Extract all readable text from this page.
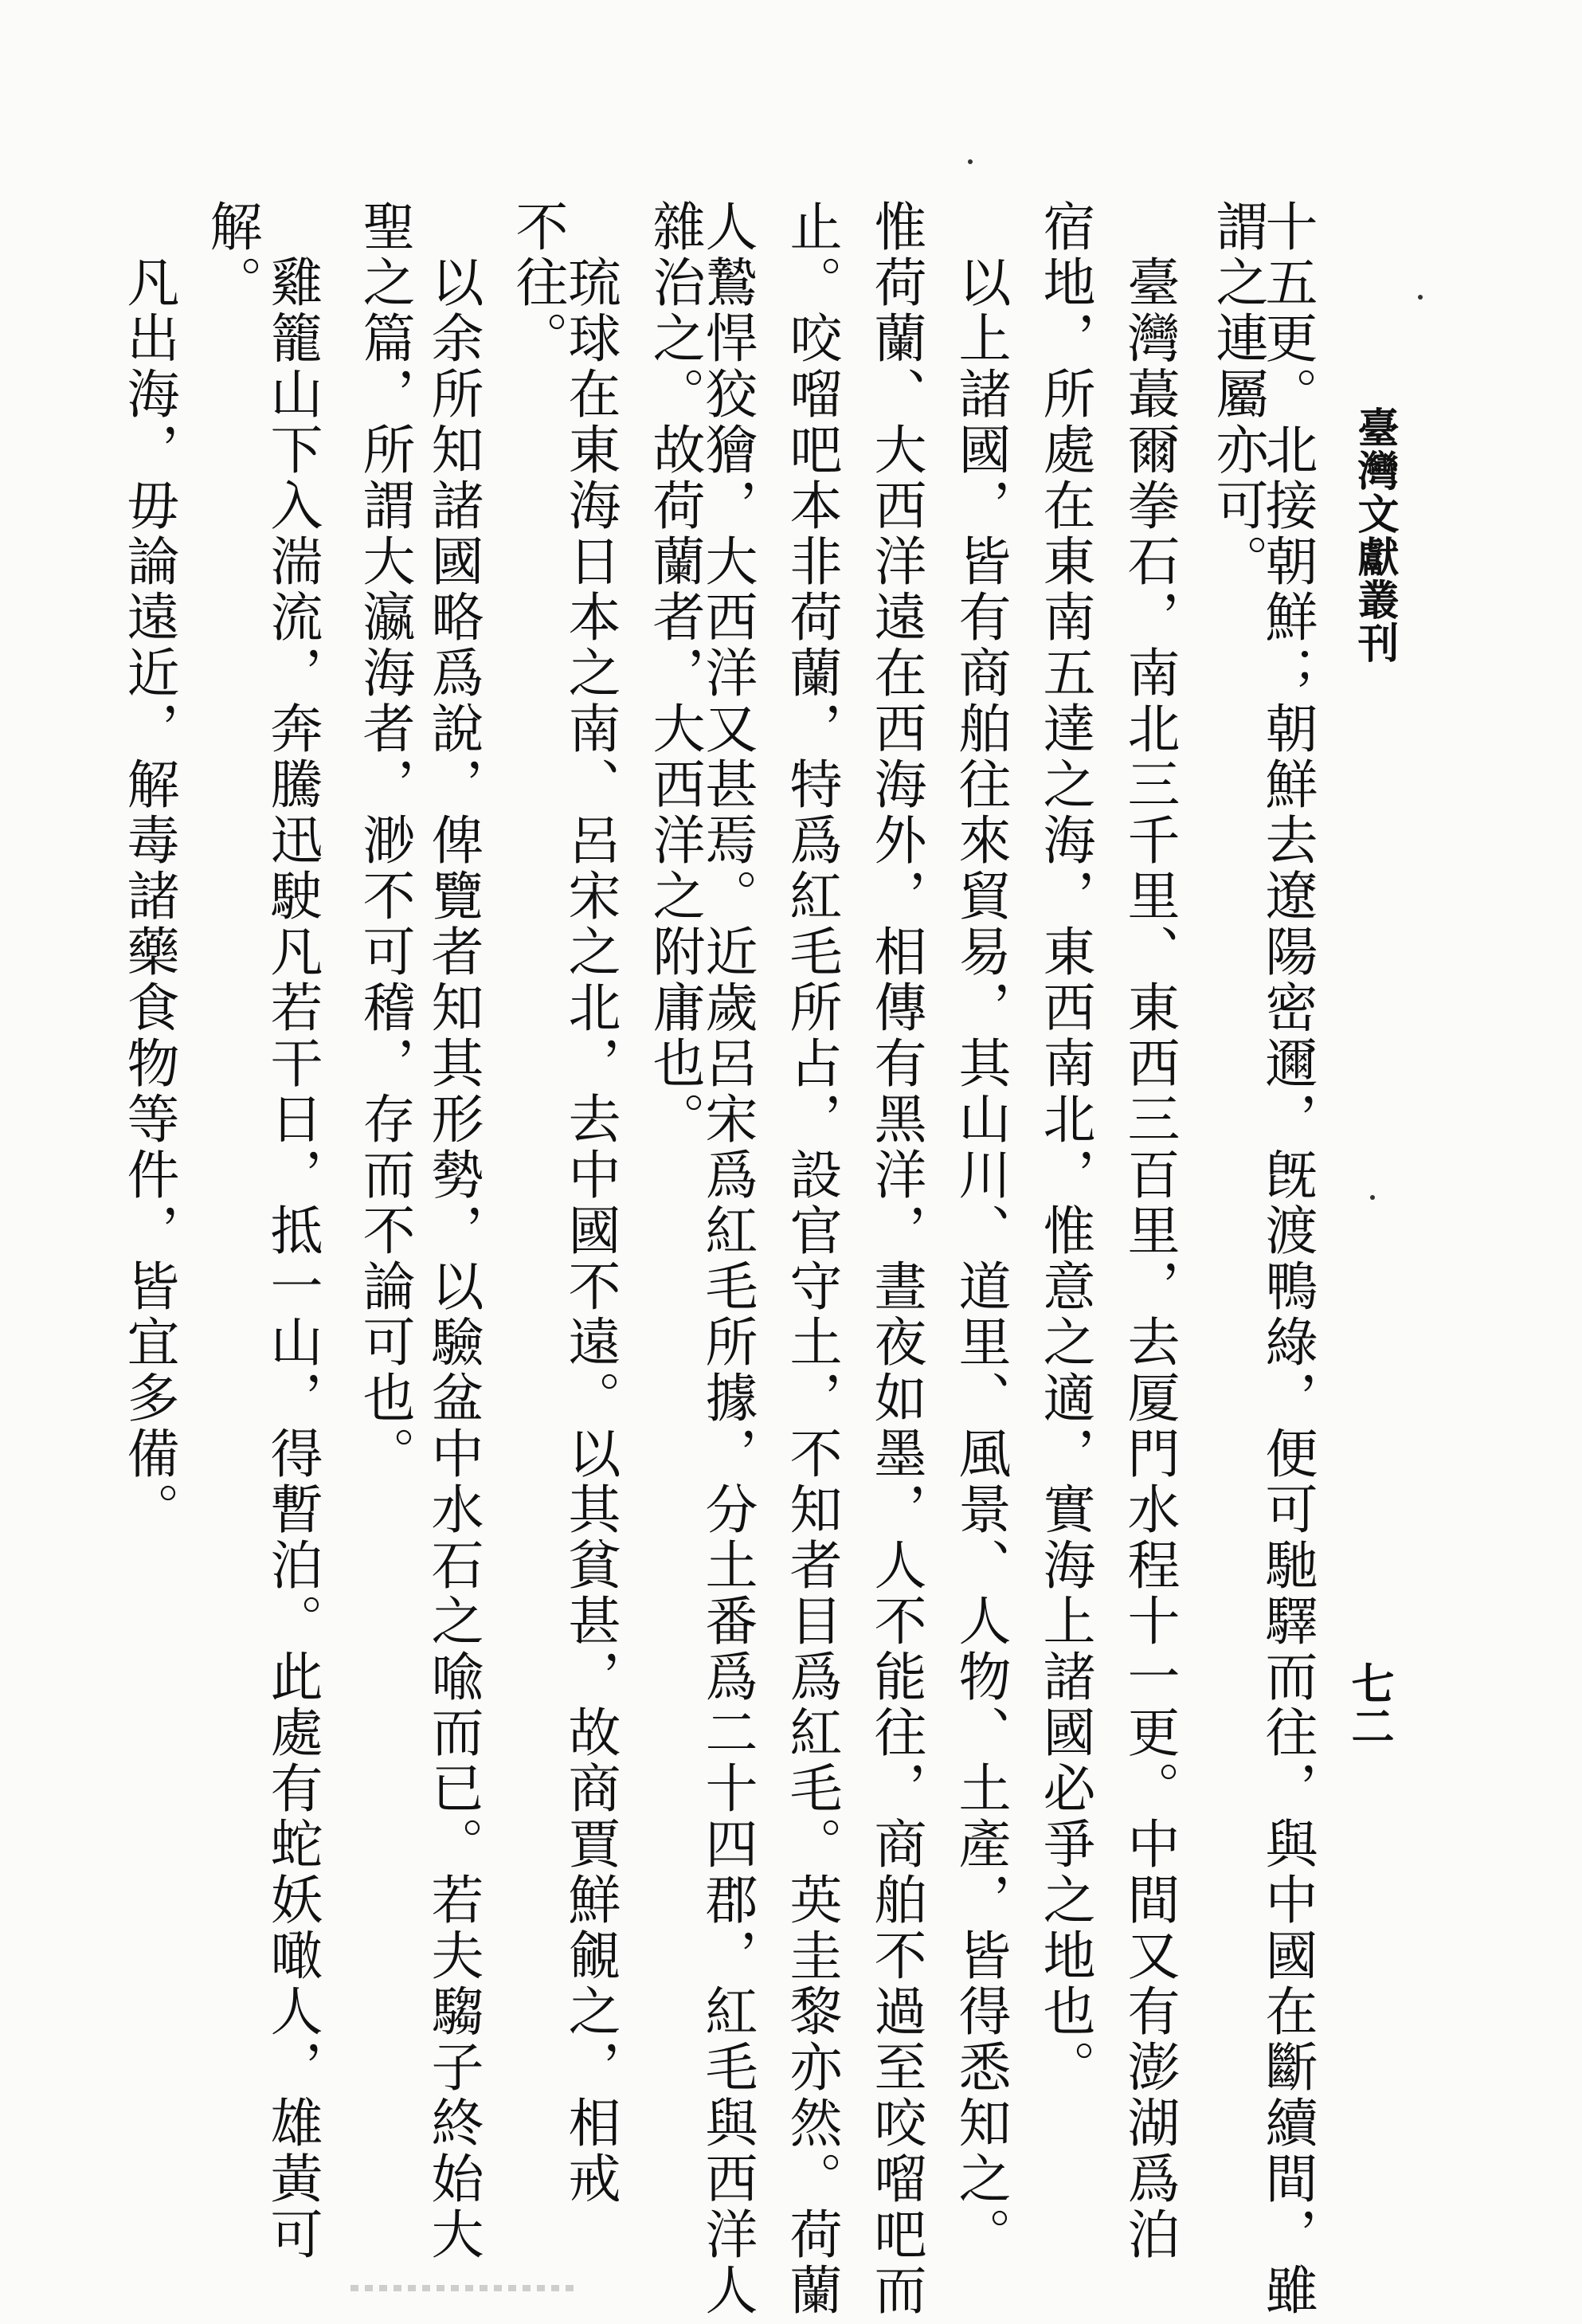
臺灣文獻叢刊
七二
十五更。北接朝鮮；朝鮮去遼陽密邇，旣渡鴨綠，便可馳驛而往，與中國在斷續間，雖
謂之連屬亦可。
　臺灣蕞爾拳石，南北三千里、東西三百里，去厦門水程十一更。中間又有澎湖爲泊
宿地，所處在東南五達之海，東西南北，惟意之適，實海上諸國必爭之地也。
　以上諸國，皆有商舶往來貿易，其山川、道里、風景、人物、土產，皆得悉知之。
惟荷蘭、大西洋遠在西海外，相傳有黑洋，晝夜如墨，人不能往，商舶不過至咬𠺕吧而
止。咬𠺕吧本非荷蘭，特爲紅毛所占，設官守土，不知者目爲紅毛。英圭黎亦然。荷蘭
人鷙悍狡獪，大西洋又甚焉。近歲呂宋爲紅毛所據，分土番爲二十四郡，紅毛與西洋人
雜治之。故荷蘭者，大西洋之附庸也。
　琉球在東海日本之南、呂宋之北，去中國不遠。以其貧甚，故商賈鮮覦之，相戒
不往。
　以余所知諸國略爲說，俾覽者知其形勢，以驗盆中水石之喩而已。若夫騶子終始大
聖之篇，所謂大瀛海者，渺不可稽，存而不論可也。
　雞籠山下入湍流，奔騰迅駛凡若干日，抵一山，得暫泊。此處有蛇妖噉人，雄黃可
解。
　凡出海，毋論遠近，解毒諸藥食物等件，皆宜多備。
